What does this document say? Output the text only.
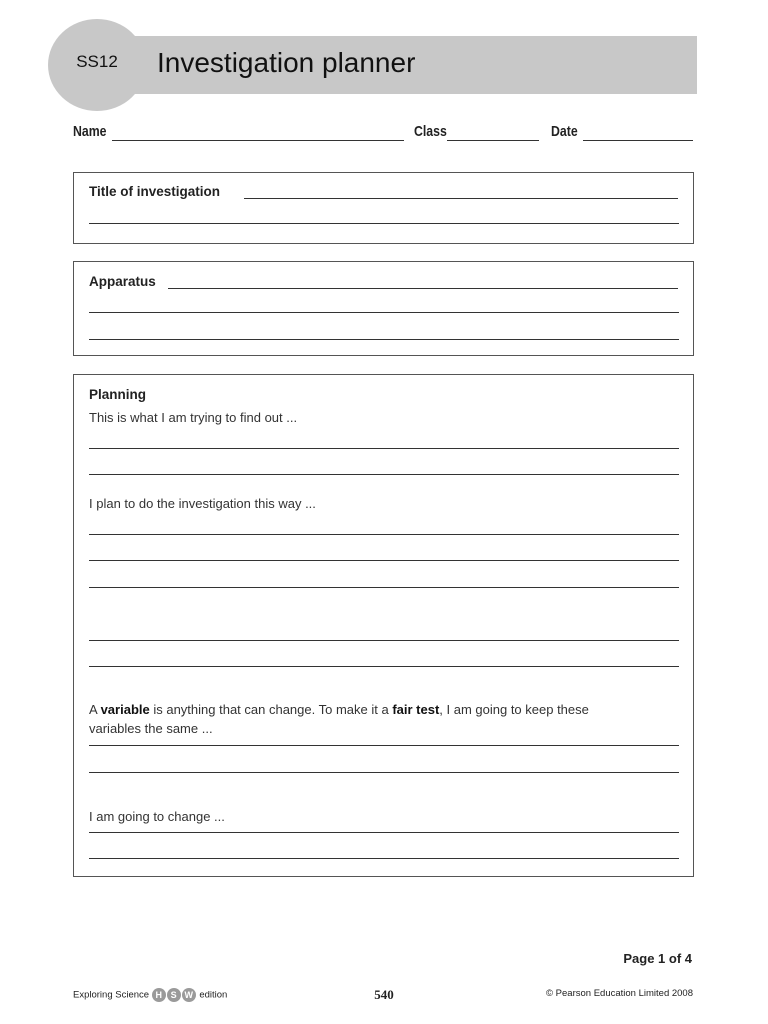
SS12	Investigation planner
Name	Class	Date
Title of investigation
Apparatus
Planning
This is what I am trying to find out ...
I plan to do the investigation this way ...
A variable is anything that can change. To make it a fair test, I am going to keep these
variables the same ...
I am going to change ...
Page 1 of 4
Exploring Science H S W edition	540	© Pearson Education Limited 2008
